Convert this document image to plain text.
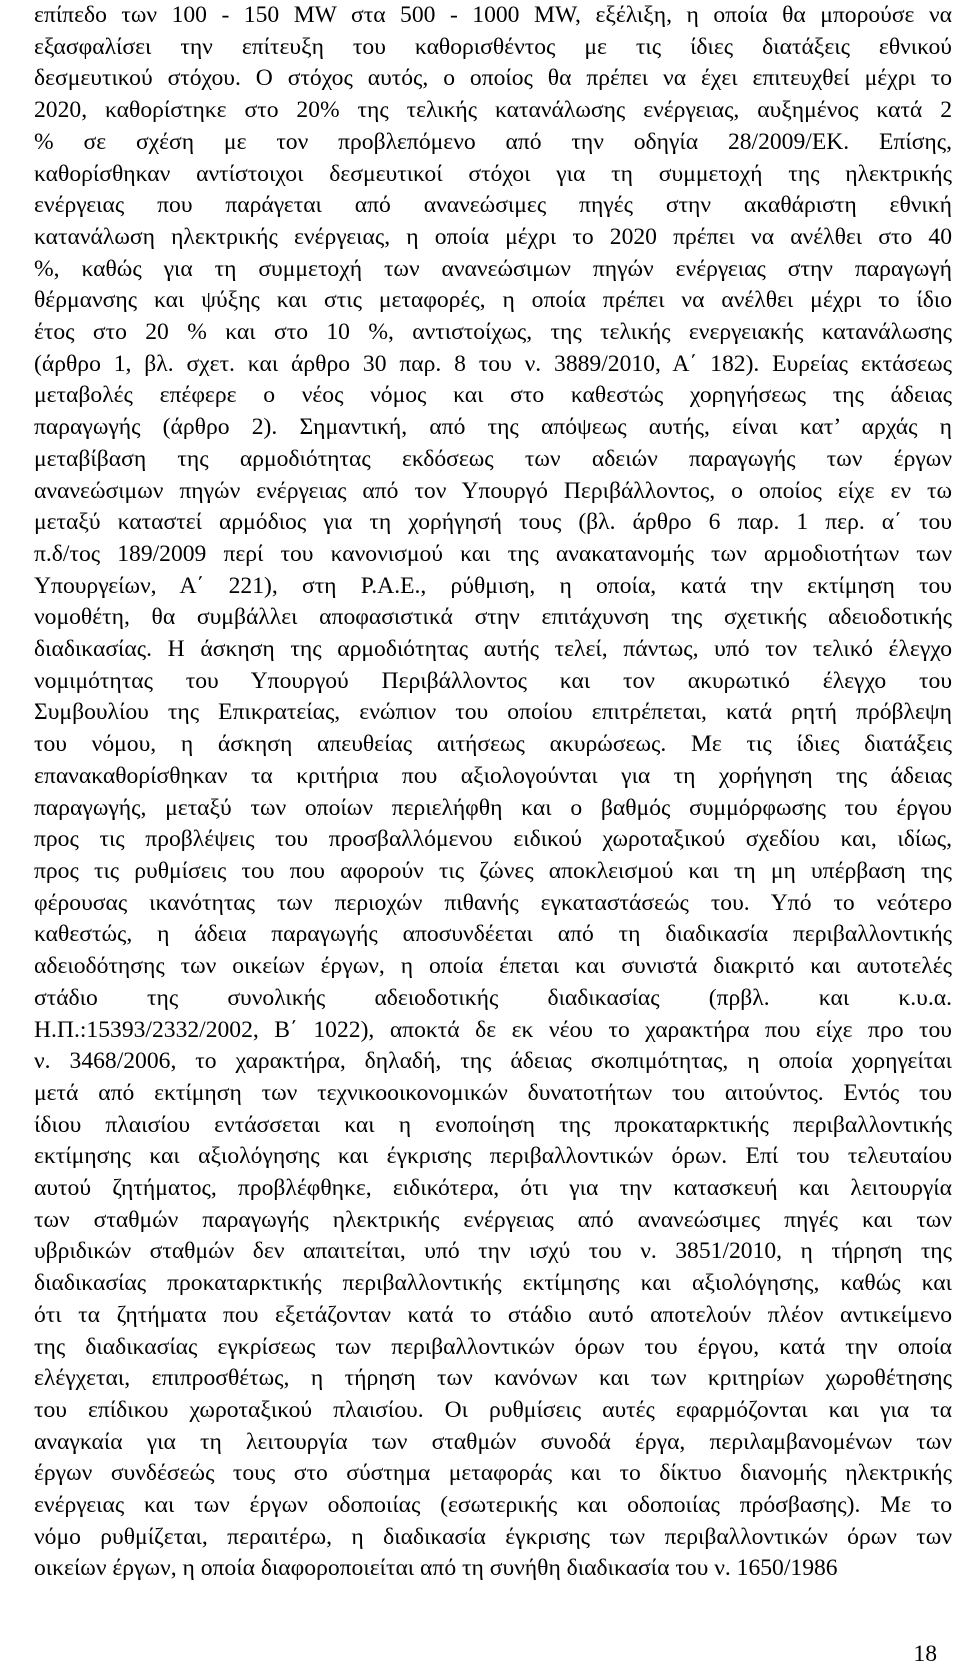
επίπεδο των 100 - 150 MW στα 500 - 1000 MW, εξέλιξη, η οποία θα μπορούσε να
εξασφαλίσει την επίτευξη του καθορισθέντος με τις ίδιες διατάξεις εθνικού
δεσμευτικού στόχου. Ο στόχος αυτός, ο οποίος θα πρέπει να έχει επιτευχθεί μέχρι το
2020, καθορίστηκε στο 20% της τελικής κατανάλωσης ενέργειας, αυξημένος κατά 2
% σε σχέση με τον προβλεπόμενο από την οδηγία 28/2009/ΕΚ. Επίσης,
καθορίσθηκαν αντίστοιχοι δεσμευτικοί στόχοι για τη συμμετοχή της ηλεκτρικής
ενέργειας που παράγεται από ανανεώσιμες πηγές στην ακαθάριστη εθνική
κατανάλωση ηλεκτρικής ενέργειας, η οποία μέχρι το 2020 πρέπει να ανέλθει στο 40
%, καθώς για τη συμμετοχή των ανανεώσιμων πηγών ενέργειας στην παραγωγή
θέρμανσης και ψύξης και στις μεταφορές, η οποία πρέπει να ανέλθει μέχρι το ίδιο
έτος στο 20 % και στο 10 %, αντιστοίχως, της τελικής ενεργειακής κατανάλωσης
(άρθρο 1, βλ. σχετ. και άρθρο 30 παρ. 8 του ν. 3889/2010, Α΄ 182). Ευρείας εκτάσεως
μεταβολές επέφερε ο νέος νόμος και στο καθεστώς χορηγήσεως της άδειας
παραγωγής (άρθρο 2). Σημαντική, από της απόψεως αυτής, είναι κατ’ αρχάς η
μεταβίβαση της αρμοδιότητας εκδόσεως των αδειών παραγωγής των έργων
ανανεώσιμων πηγών ενέργειας από τον Υπουργό Περιβάλλοντος, ο οποίος είχε εν τω
μεταξύ καταστεί αρμόδιος για τη χορήγησή τους (βλ. άρθρο 6 παρ. 1 περ. α΄ του
π.δ/τος 189/2009 περί του κανονισμού και της ανακατανομής των αρμοδιοτήτων των
Υπουργείων, Α΄ 221), στη Ρ.Α.Ε., ρύθμιση, η οποία, κατά την εκτίμηση του
νομοθέτη, θα συμβάλλει αποφασιστικά στην επιτάχυνση της σχετικής αδειοδοτικής
διαδικασίας. Η άσκηση της αρμοδιότητας αυτής τελεί, πάντως, υπό τον τελικό έλεγχο
νομιμότητας του Υπουργού Περιβάλλοντος και τον ακυρωτικό έλεγχο του
Συμβουλίου της Επικρατείας, ενώπιον του οποίου επιτρέπεται, κατά ρητή πρόβλεψη
του νόμου, η άσκηση απευθείας αιτήσεως ακυρώσεως. Με τις ίδιες διατάξεις
επανακαθορίσθηκαν τα κριτήρια που αξιολογούνται για τη χορήγηση της άδειας
παραγωγής, μεταξύ των οποίων περιελήφθη και ο βαθμός συμμόρφωσης του έργου
προς τις προβλέψεις του προσβαλλόμενου ειδικού χωροταξικού σχεδίου και, ιδίως,
προς τις ρυθμίσεις του που αφορούν τις ζώνες αποκλεισμού και τη μη υπέρβαση της
φέρουσας ικανότητας των περιοχών πιθανής εγκαταστάσεώς του. Υπό το νεότερο
καθεστώς, η άδεια παραγωγής αποσυνδέεται από τη διαδικασία περιβαλλοντικής
αδειοδότησης των οικείων έργων, η οποία έπεται και συνιστά διακριτό και αυτοτελές
στάδιο της συνολικής αδειοδοτικής διαδικασίας (πρβλ. και κ.υ.α.
Η.Π.:15393/2332/2002, Β΄ 1022), αποκτά δε εκ νέου το χαρακτήρα που είχε προ του
ν. 3468/2006, το χαρακτήρα, δηλαδή, της άδειας σκοπιμότητας, η οποία χορηγείται
μετά από εκτίμηση των τεχνικοοικονομικών δυνατοτήτων του αιτούντος. Εντός του
ίδιου πλαισίου εντάσσεται και η ενοποίηση της προκαταρκτικής περιβαλλοντικής
εκτίμησης και αξιολόγησης και έγκρισης περιβαλλοντικών όρων. Επί του τελευταίου
αυτού ζητήματος, προβλέφθηκε, ειδικότερα, ότι για την κατασκευή και λειτουργία
των σταθμών παραγωγής ηλεκτρικής ενέργειας από ανανεώσιμες πηγές και των
υβριδικών σταθμών δεν απαιτείται, υπό την ισχύ του ν. 3851/2010, η τήρηση της
διαδικασίας προκαταρκτικής περιβαλλοντικής εκτίμησης και αξιολόγησης, καθώς και
ότι τα ζητήματα που εξετάζονταν κατά το στάδιο αυτό αποτελούν πλέον αντικείμενο
της διαδικασίας εγκρίσεως των περιβαλλοντικών όρων του έργου, κατά την οποία
ελέγχεται, επιπροσθέτως, η τήρηση των κανόνων και των κριτηρίων χωροθέτησης
του επίδικου χωροταξικού πλαισίου. Οι ρυθμίσεις αυτές εφαρμόζονται και για τα
αναγκαία για τη λειτουργία των σταθμών συνοδά έργα, περιλαμβανομένων των
έργων συνδέσεώς τους στο σύστημα μεταφοράς και το δίκτυο διανομής ηλεκτρικής
ενέργειας και των έργων οδοποιίας (εσωτερικής και οδοποιίας πρόσβασης). Με το
νόμο ρυθμίζεται, περαιτέρω, η διαδικασία έγκρισης των περιβαλλοντικών όρων των
οικείων έργων, η οποία διαφοροποιείται από τη συνήθη διαδικασία του ν. 1650/1986
18
